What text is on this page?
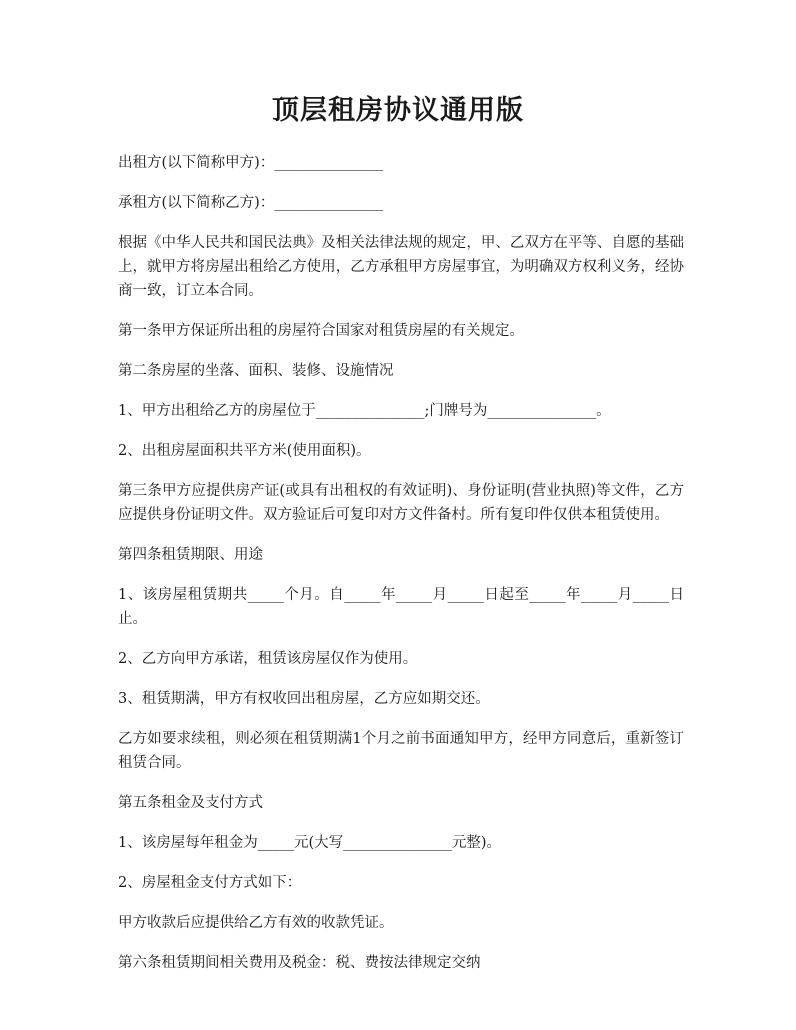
顶层租房协议通用版

出租方(以下简称甲方)：_______________

承租方(以下简称乙方)：_______________

根据《中华人民共和国民法典》及相关法律法规的规定，甲、乙双方在平等、自愿的基础上，就甲方将房屋出租给乙方使用，乙方承租甲方房屋事宜，为明确双方权利义务，经协商一致，订立本合同。

第一条甲方保证所出租的房屋符合国家对租赁房屋的有关规定。

第二条房屋的坐落、面积、装修、设施情况

1、甲方出租给乙方的房屋位于_______________;门牌号为_______________。

2、出租房屋面积共平方米(使用面积)。

第三条甲方应提供房产证(或具有出租权的有效证明)、身份证明(营业执照)等文件，乙方应提供身份证明文件。双方验证后可复印对方文件备村。所有复印件仅供本租赁使用。

第四条租赁期限、用途

1、该房屋租赁期共_____个月。自_____年_____月_____日起至_____年_____月_____日止。

2、乙方向甲方承诺，租赁该房屋仅作为使用。

3、租赁期满，甲方有权收回出租房屋，乙方应如期交还。

乙方如要求续租，则必须在租赁期满1个月之前书面通知甲方，经甲方同意后，重新签订租赁合同。

第五条租金及支付方式

1、该房屋每年租金为_____元(大写_______________元整)。

2、房屋租金支付方式如下：

甲方收款后应提供给乙方有效的收款凭证。

第六条租赁期间相关费用及税金：税、费按法律规定交纳
